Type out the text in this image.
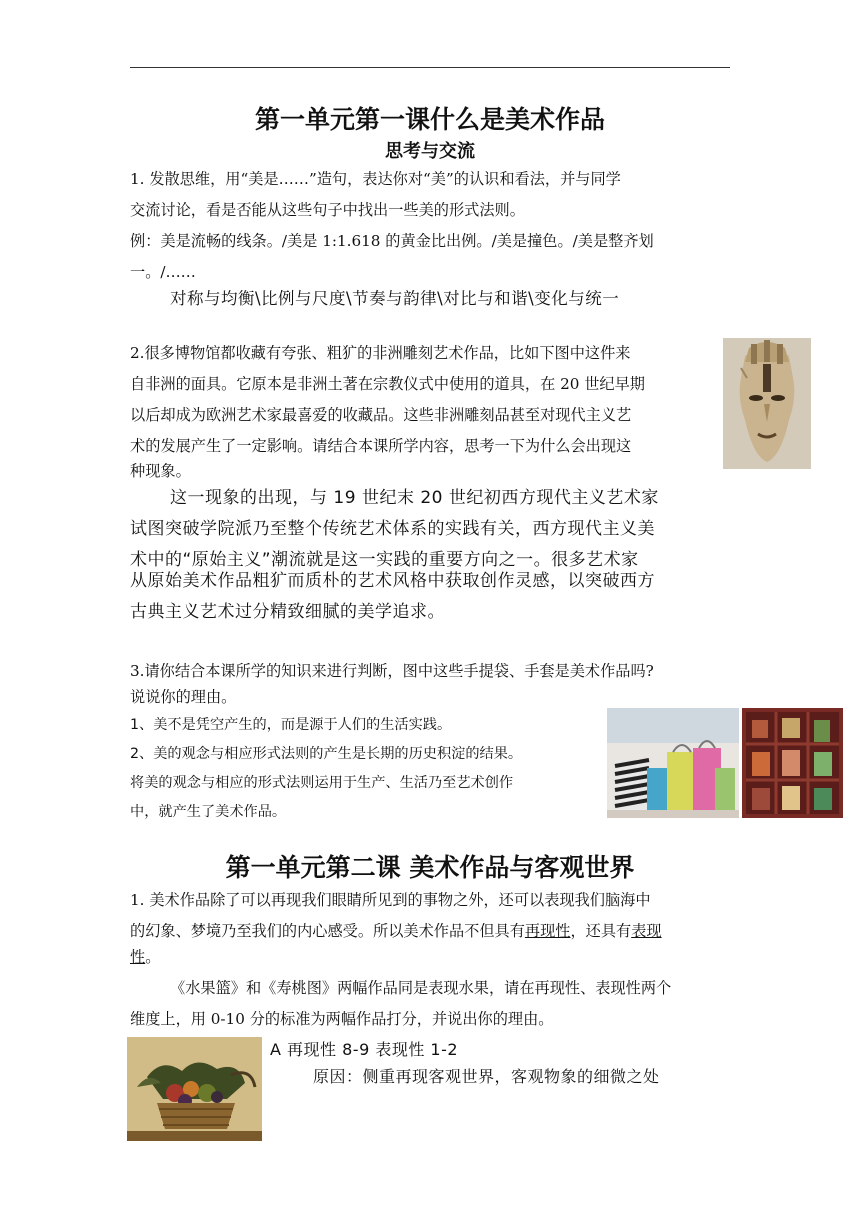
第一单元第一课什么是美术作品
思考与交流
1. 发散思维，用“美是……”造句，表达你对“美”的认识和看法，并与同学
交流讨论，看是否能从这些句子中找出一些美的形式法则。
例：美是流畅的线条。/美是 1:1.618 的黄金比出例。/美是撞色。/美是整齐划
一。/……
对称与均衡\比例与尺度\节奏与韵律\对比与和谐\变化与统一
2.很多博物馆都收藏有夸张、粗犷的非洲雕刻艺术作品，比如下图中这件来
自非洲的面具。它原本是非洲土著在宗教仪式中使用的道具，在 20 世纪早期
以后却成为欧洲艺术家最喜爱的收藏品。这些非洲雕刻品甚至对现代主义艺
术的发展产生了一定影响。请结合本课所学内容，思考一下为什么会出现这
种现象。
这一现象的出现，与 19 世纪末 20 世纪初西方现代主义艺术家
试图突破学院派乃至整个传统艺术体系的实践有关，西方现代主义美
术中的“原始主义”潮流就是这一实践的重要方向之一。很多艺术家
从原始美术作品粗犷而质朴的艺术风格中获取创作灵感，以突破西方
古典主义艺术过分精致细腻的美学追求。
3.请你结合本课所学的知识来进行判断，图中这些手提袋、手套是美术作品吗?
说说你的理由。
1、美不是凭空产生的，而是源于人们的生活实践。
2、美的观念与相应形式法则的产生是长期的历史积淀的结果。
将美的观念与相应的形式法则运用于生产、生活乃至艺术创作
中，就产生了美术作品。
第一单元第二课 美术作品与客观世界
1. 美术作品除了可以再现我们眼睛所见到的事物之外，还可以表现我们脑海中
的幻象、梦境乃至我们的内心感受。所以美术作品不但具有再现性，还具有表现
性。
《水果篮》和《寿桃图》两幅作品同是表现水果，请在再现性、表现性两个
维度上，用 0-10 分的标准为两幅作品打分，并说出你的理由。
A 再现性 8-9 表现性 1-2
原因：侧重再现客观世界，客观物象的细微之处
